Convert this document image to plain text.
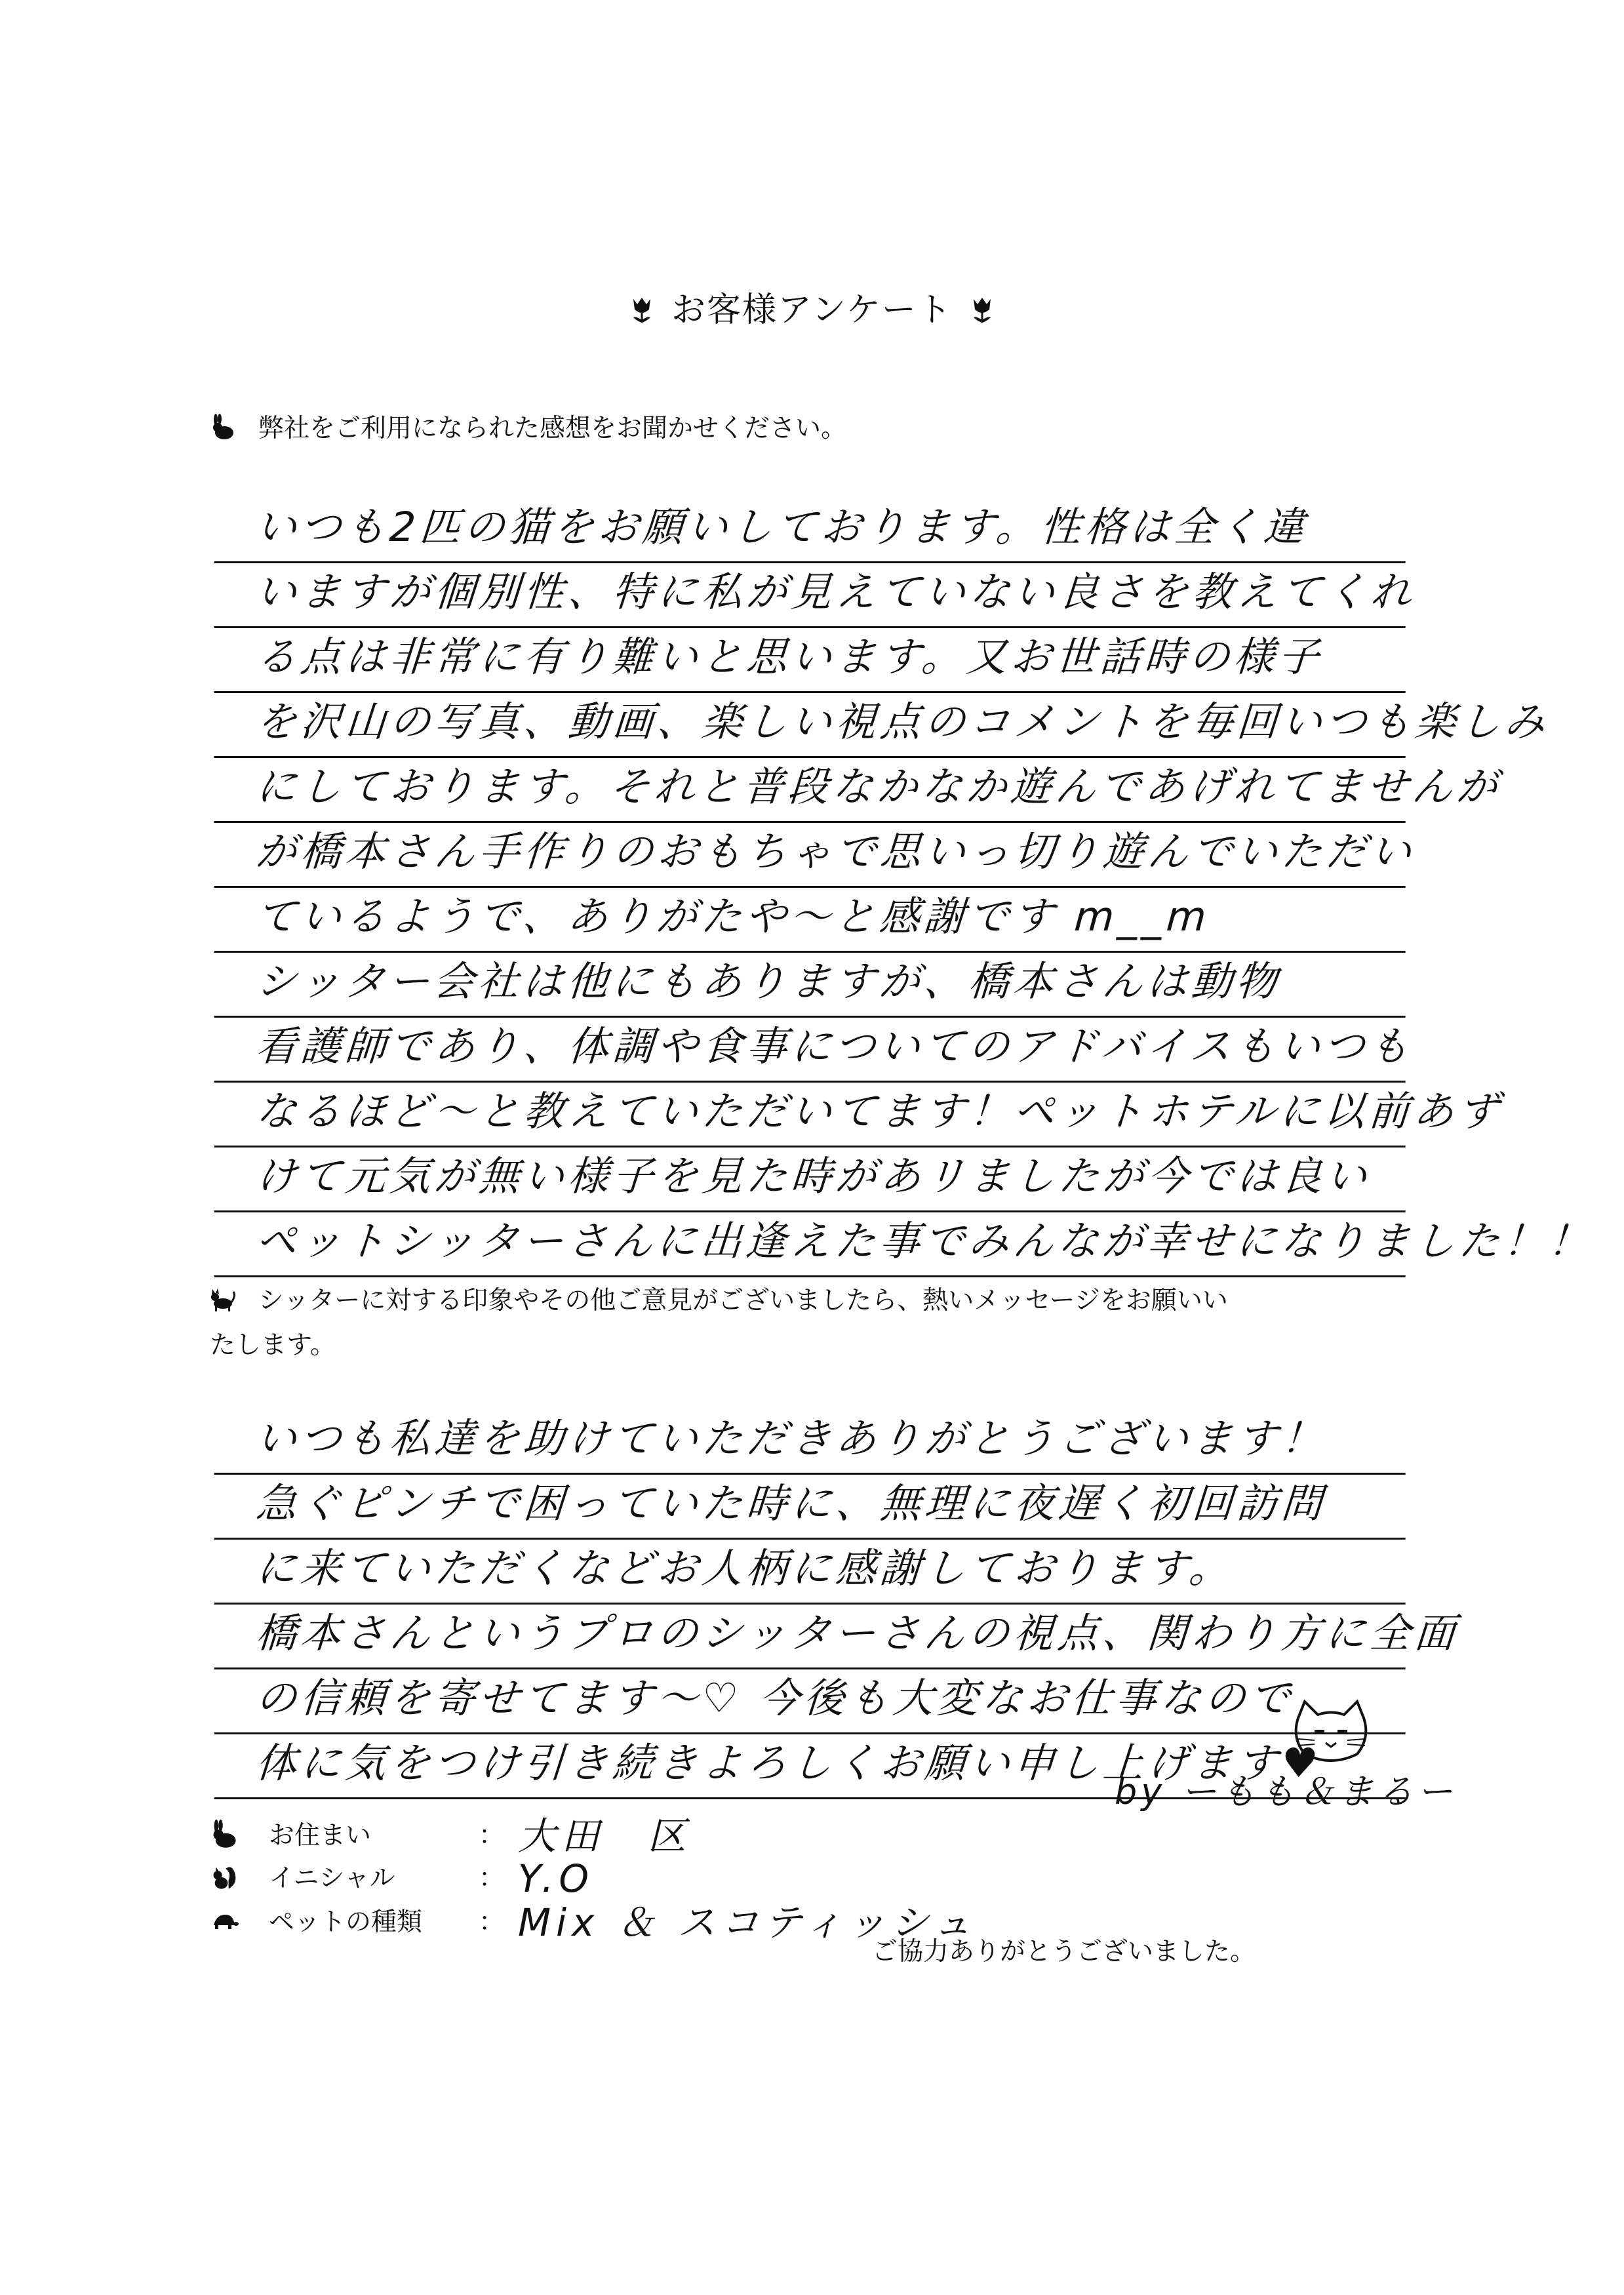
お客様アンケート
弊社をご利用になられた感想をお聞かせください。
いつも2匹の猫をお願いしております。性格は全く違
いますが個別性、特に私が見えていない良さを教えてくれ
る点は非常に有り難いと思います。又お世話時の様子
を沢山の写真、動画、楽しい視点のコメントを毎回いつも楽しみ
にしております。それと普段なかなか遊んであげれてませんが
が橋本さん手作りのおもちゃで思いっ切り遊んでいただい
ているようで、ありがたや〜と感謝です m__m
シッター会社は他にもありますが、橋本さんは動物
看護師であり、体調や食事についてのアドバイスもいつも
なるほど〜と教えていただいてます！ペットホテルに以前あず
けて元気が無い様子を見た時があリましたが今では良い
ペットシッターさんに出逢えた事でみんなが幸せになりました！！
シッターに対する印象やその他ご意見がございましたら、熱いメッセージをお願いい
たします。
いつも私達を助けていただきありがとうございます！
急ぐピンチで困っていた時に、無理に夜遅く初回訪問
に来ていただくなどお人柄に感謝しております。
橋本さんというプロのシッターさんの視点、関わり方に全面
の信頼を寄せてます〜♡ 今後も大変なお仕事なので
体に気をつけ引き続きよろしくお願い申し上げます♥
by ーもも＆まるー
お住まい	： 大田　区
イニシャル	： Y.O
ペットの種類 ： Mix ＆ スコティッシュ
ご協力ありがとうございました。
